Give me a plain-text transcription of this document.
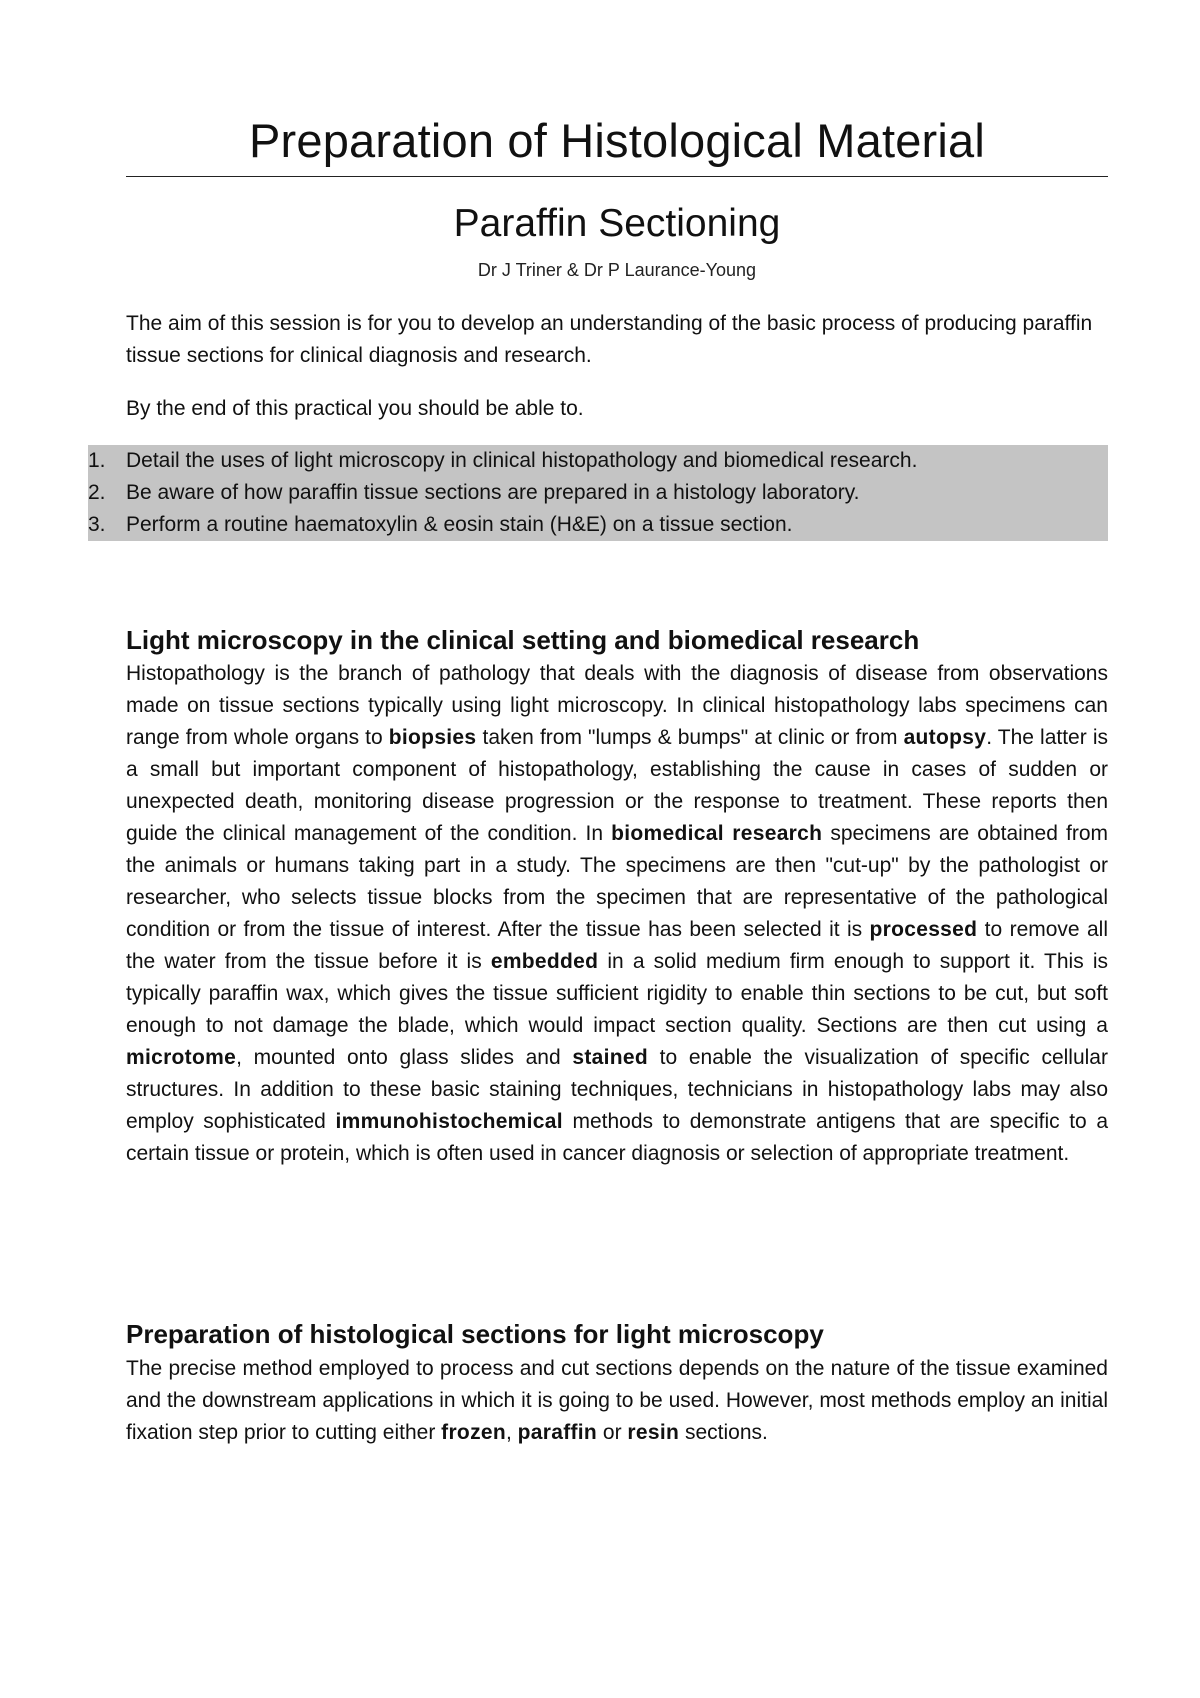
Preparation of Histological Material
Paraffin Sectioning
Dr J Triner & Dr P Laurance-Young

The aim of this session is for you to develop an understanding of the basic process of producing paraffin tissue sections for clinical diagnosis and research.

By the end of this practical you should be able to.

1. Detail the uses of light microscopy in clinical histopathology and biomedical research.
2. Be aware of how paraffin tissue sections are prepared in a histology laboratory.
3. Perform a routine haematoxylin & eosin stain (H&E) on a tissue section.
Light microscopy in the clinical setting and biomedical research

Histopathology is the branch of pathology that deals with the diagnosis of disease from observations made on tissue sections typically using light microscopy. In clinical histopathology labs specimens can range from whole organs to biopsies taken from "lumps & bumps" at clinic or from autopsy. The latter is a small but important component of histopathology, establishing the cause in cases of sudden or unexpected death, monitoring disease progression or the response to treatment. These reports then guide the clinical management of the condition. In biomedical research specimens are obtained from the animals or humans taking part in a study. The specimens are then "cut-up" by the pathologist or researcher, who selects tissue blocks from the specimen that are representative of the pathological condition or from the tissue of interest. After the tissue has been selected it is processed to remove all the water from the tissue before it is embedded in a solid medium firm enough to support it. This is typically paraffin wax, which gives the tissue sufficient rigidity to enable thin sections to be cut, but soft enough to not damage the blade, which would impact section quality. Sections are then cut using a microtome, mounted onto glass slides and stained to enable the visualization of specific cellular structures. In addition to these basic staining techniques, technicians in histopathology labs may also employ sophisticated immunohistochemical methods to demonstrate antigens that are specific to a certain tissue or protein, which is often used in cancer diagnosis or selection of appropriate treatment.

Preparation of histological sections for light microscopy

The precise method employed to process and cut sections depends on the nature of the tissue examined and the downstream applications in which it is going to be used. However, most methods employ an initial fixation step prior to cutting either frozen, paraffin or resin sections.
